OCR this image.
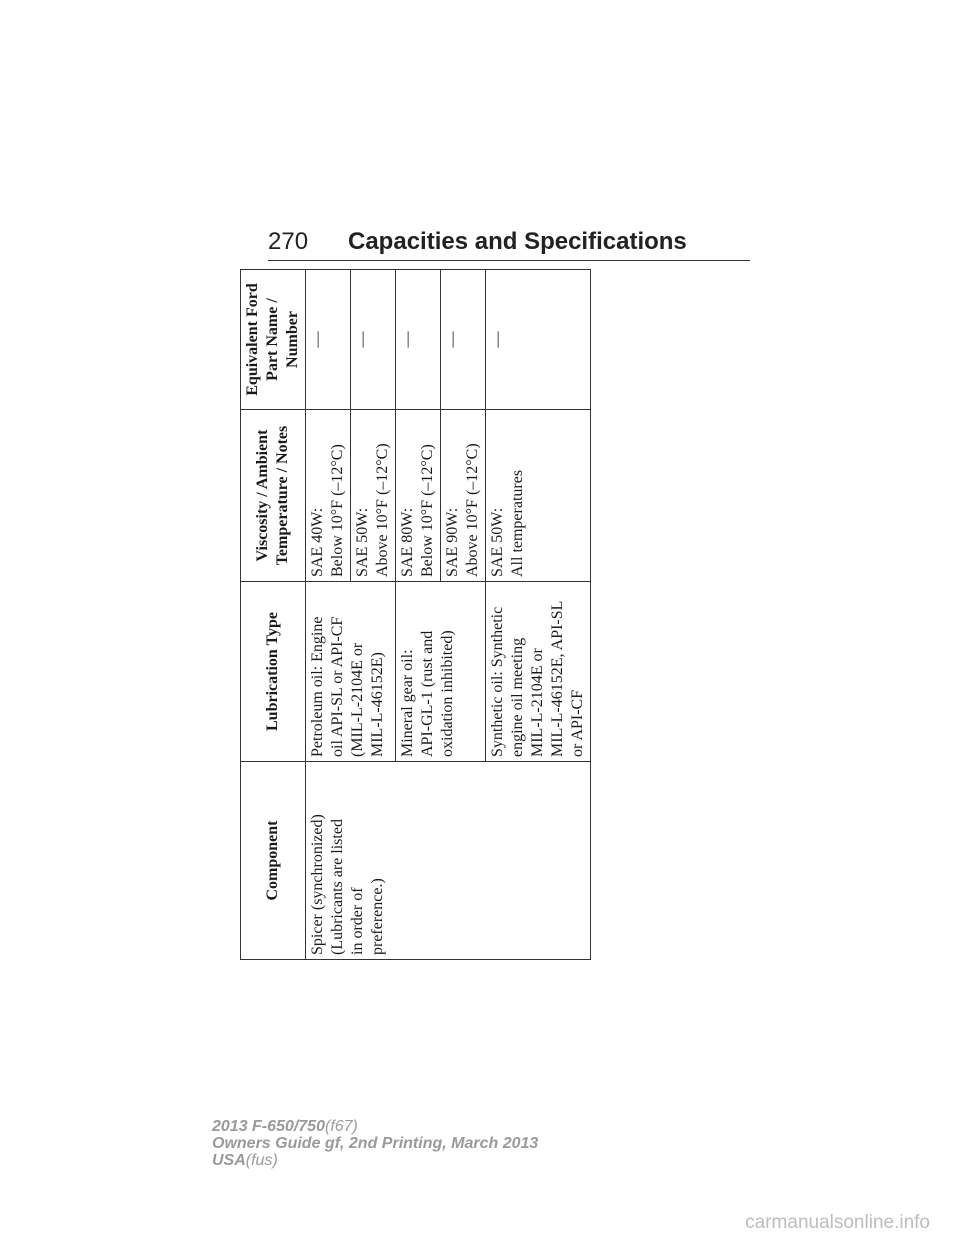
270 Capacities and Specifications
Component	Lubrication Type	Viscosity / Ambient Temperature / Notes	Equivalent Ford Part Name / Number

Spicer (synchronized) (Lubricants are listed in order of preference.)	Petroleum oil: Engine oil API-SL or API-CF (MIL-L-2104E or MIL-L-46152E)	SAE 40W: Below 10°F (–12°C)	—

		SAE 50W: Above 10°F (–12°C)	—

	Mineral gear oil: API-GL-1 (rust and oxidation inhibited)	SAE 80W: Below 10°F (–12°C)	—

		SAE 90W: Above 10°F (–12°C)	—

	Synthetic oil: Synthetic engine oil meeting MIL-L-2104E or MIL-L-46152E, API-SL or API-CF	SAE 50W: All temperatures	—
2013 F-650/750(f67)
Owners Guide gf, 2nd Printing, March 2013
USA(fus)
carmanualsonline.info
